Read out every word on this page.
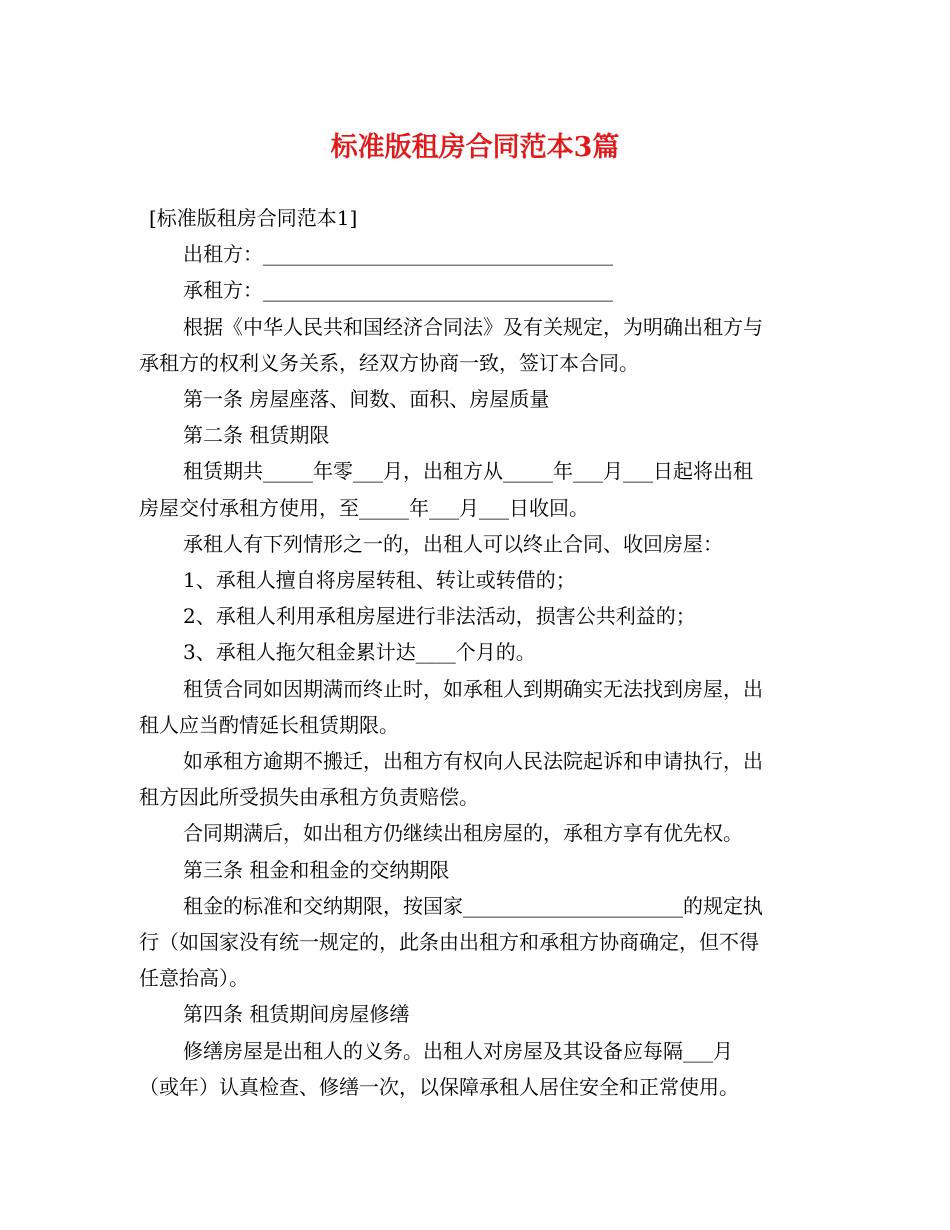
标准版租房合同范本3篇

[标准版租房合同范本1]

出租方：___________________________________

承租方：___________________________________

根据《中华人民共和国经济合同法》及有关规定，为明确出租方与

承租方的权利义务关系，经双方协商一致，签订本合同。

第一条 房屋座落、间数、面积、房屋质量

第二条 租赁期限

租赁期共_____年零___月，出租方从_____年___月___日起将出租

房屋交付承租方使用，至_____年___月___日收回。

承租人有下列情形之一的，出租人可以终止合同、收回房屋：

1、承租人擅自将房屋转租、转让或转借的；

2、承租人利用承租房屋进行非法活动，损害公共利益的；

3、承租人拖欠租金累计达____个月的。

租赁合同如因期满而终止时，如承租人到期确实无法找到房屋，出

租人应当酌情延长租赁期限。

如承租方逾期不搬迁，出租方有权向人民法院起诉和申请执行，出

租方因此所受损失由承租方负责赔偿。

合同期满后，如出租方仍继续出租房屋的，承租方享有优先权。

第三条 租金和租金的交纳期限

租金的标准和交纳期限，按国家______________________的规定执

行（如国家没有统一规定的，此条由出租方和承租方协商确定，但不得

任意抬高）。

第四条 租赁期间房屋修缮

修缮房屋是出租人的义务。出租人对房屋及其设备应每隔___月

（或年）认真检查、修缮一次，以保障承租人居住安全和正常使用。
